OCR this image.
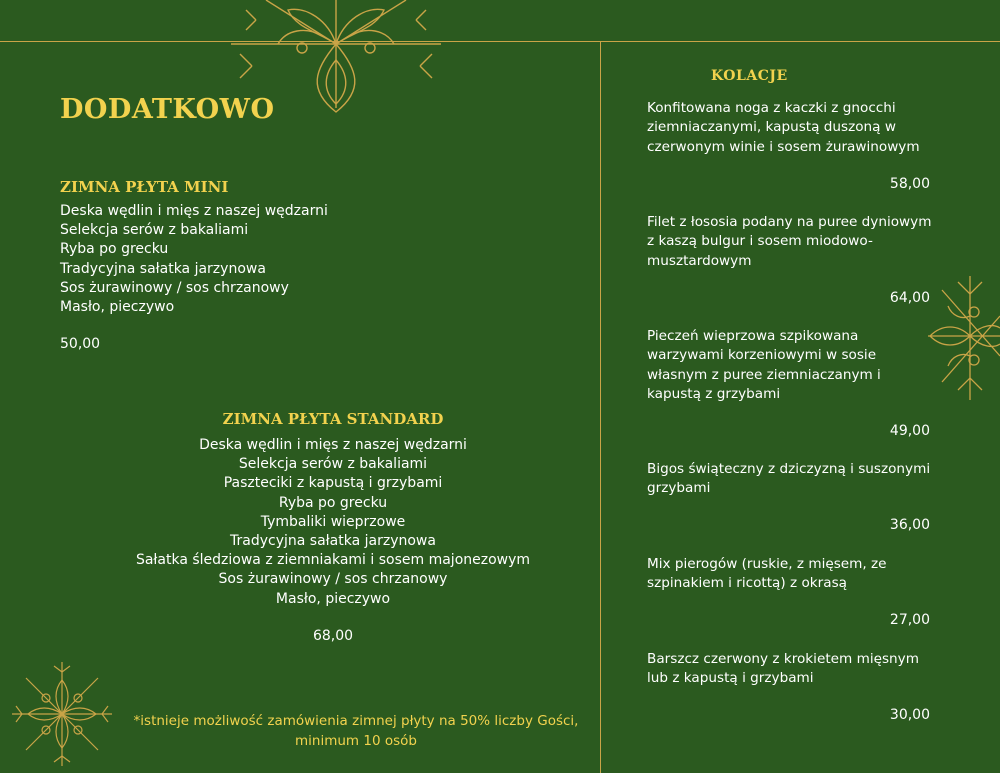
DODATKOWO
ZIMNA PŁYTA MINI
Deska wędlin i mięs z naszej wędzarni
Selekcja serów z bakaliami
Ryba po grecku
Tradycyjna sałatka jarzynowa
Sos żurawinowy / sos chrzanowy
Masło, pieczywo
50,00
ZIMNA PŁYTA STANDARD
Deska wędlin i mięs z naszej wędzarni
Selekcja serów z bakaliami
Paszteciki z kapustą i grzybami
Ryba po grecku
Tymbaliki wieprzowe
Tradycyjna sałatka jarzynowa
Sałatka śledziowa z ziemniakami i sosem majonezowym
Sos żurawinowy / sos chrzanowy
Masło, pieczywo
68,00
*istnieje możliwość zamówienia zimnej płyty na 50% liczby Gości,
minimum 10 osób
KOLACJE
Konfitowana noga z kaczki z gnocchi
ziemniaczanymi, kapustą duszoną w
czerwonym winie i sosem żurawinowym
58,00
Filet z łososia podany na puree dyniowym
z kaszą bulgur i sosem miodowo-
musztardowym
64,00
Pieczeń wieprzowa szpikowana
warzywami korzeniowymi w sosie
własnym z puree ziemniaczanym i
kapustą z grzybami
49,00
Bigos świąteczny z dziczyzną i suszonymi
grzybami
36,00
Mix pierogów (ruskie, z mięsem, ze
szpinakiem i ricottą) z okrasą
27,00
Barszcz czerwony z krokietem mięsnym
lub z kapustą i grzybami
30,00
